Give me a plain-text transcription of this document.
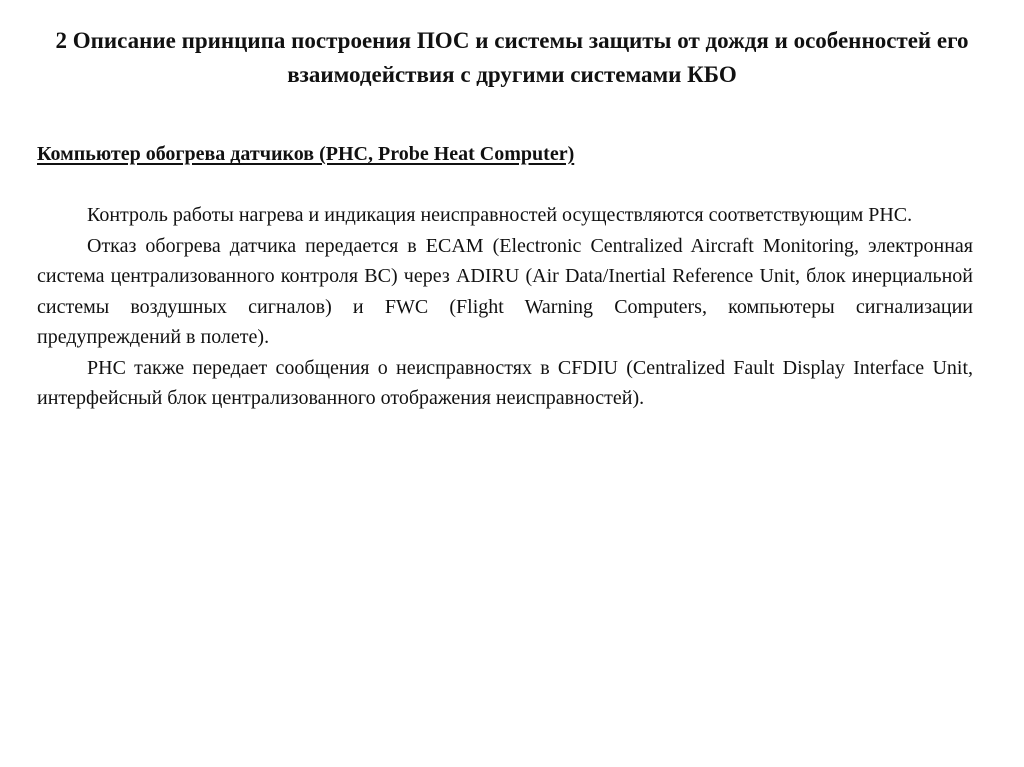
2 Описание принципа построения ПОС и системы защиты от дождя и особенностей его взаимодействия с другими системами КБО
Компьютер обогрева датчиков (PHC, Probe Heat Computer)

Контроль работы нагрева и индикация неисправностей осуществляются соответствующим PHC.

Отказ обогрева датчика передается в ECAM (Electronic Centralized Aircraft Monitoring, электронная система централизованного контроля ВС) через ADIRU (Air Data/Inertial Reference Unit, блок инерциальной системы воздушных сигналов) и FWC (Flight Warning Computers, компьютеры сигнализации предупреждений в полете).

PHC также передает сообщения о неисправностях в CFDIU (Centralized Fault Display Interface Unit, интерфейсный блок централизованного отображения неисправностей).
